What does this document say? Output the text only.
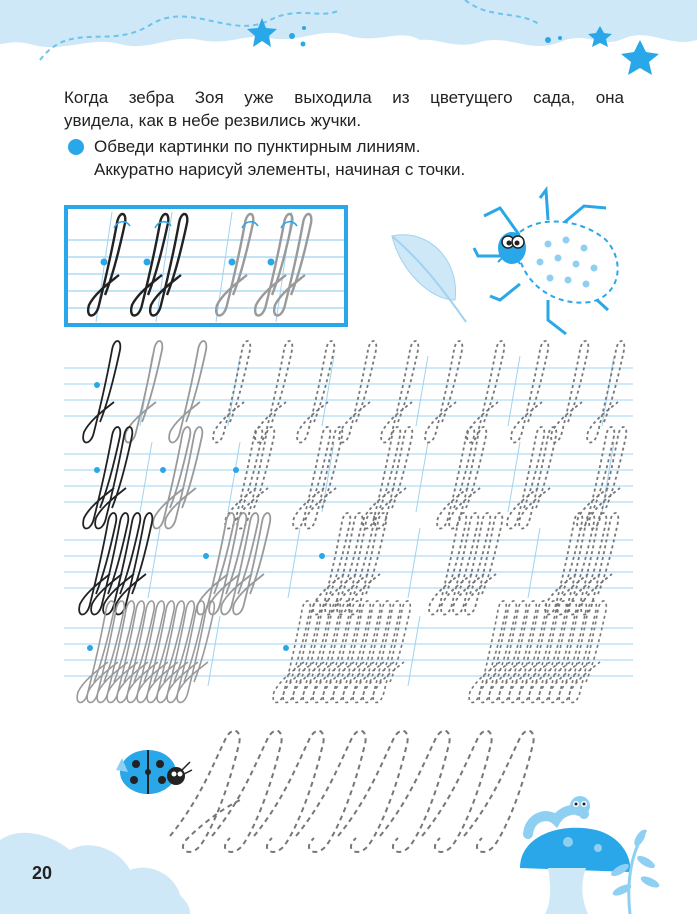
Когда зебра Зоя уже выходила из цветущего сада, она
увидела, как в небе резвились жучки.

Обведи картинки по пунктирным линиям.
Аккуратно нарисуй элементы, начиная с точки.
20
